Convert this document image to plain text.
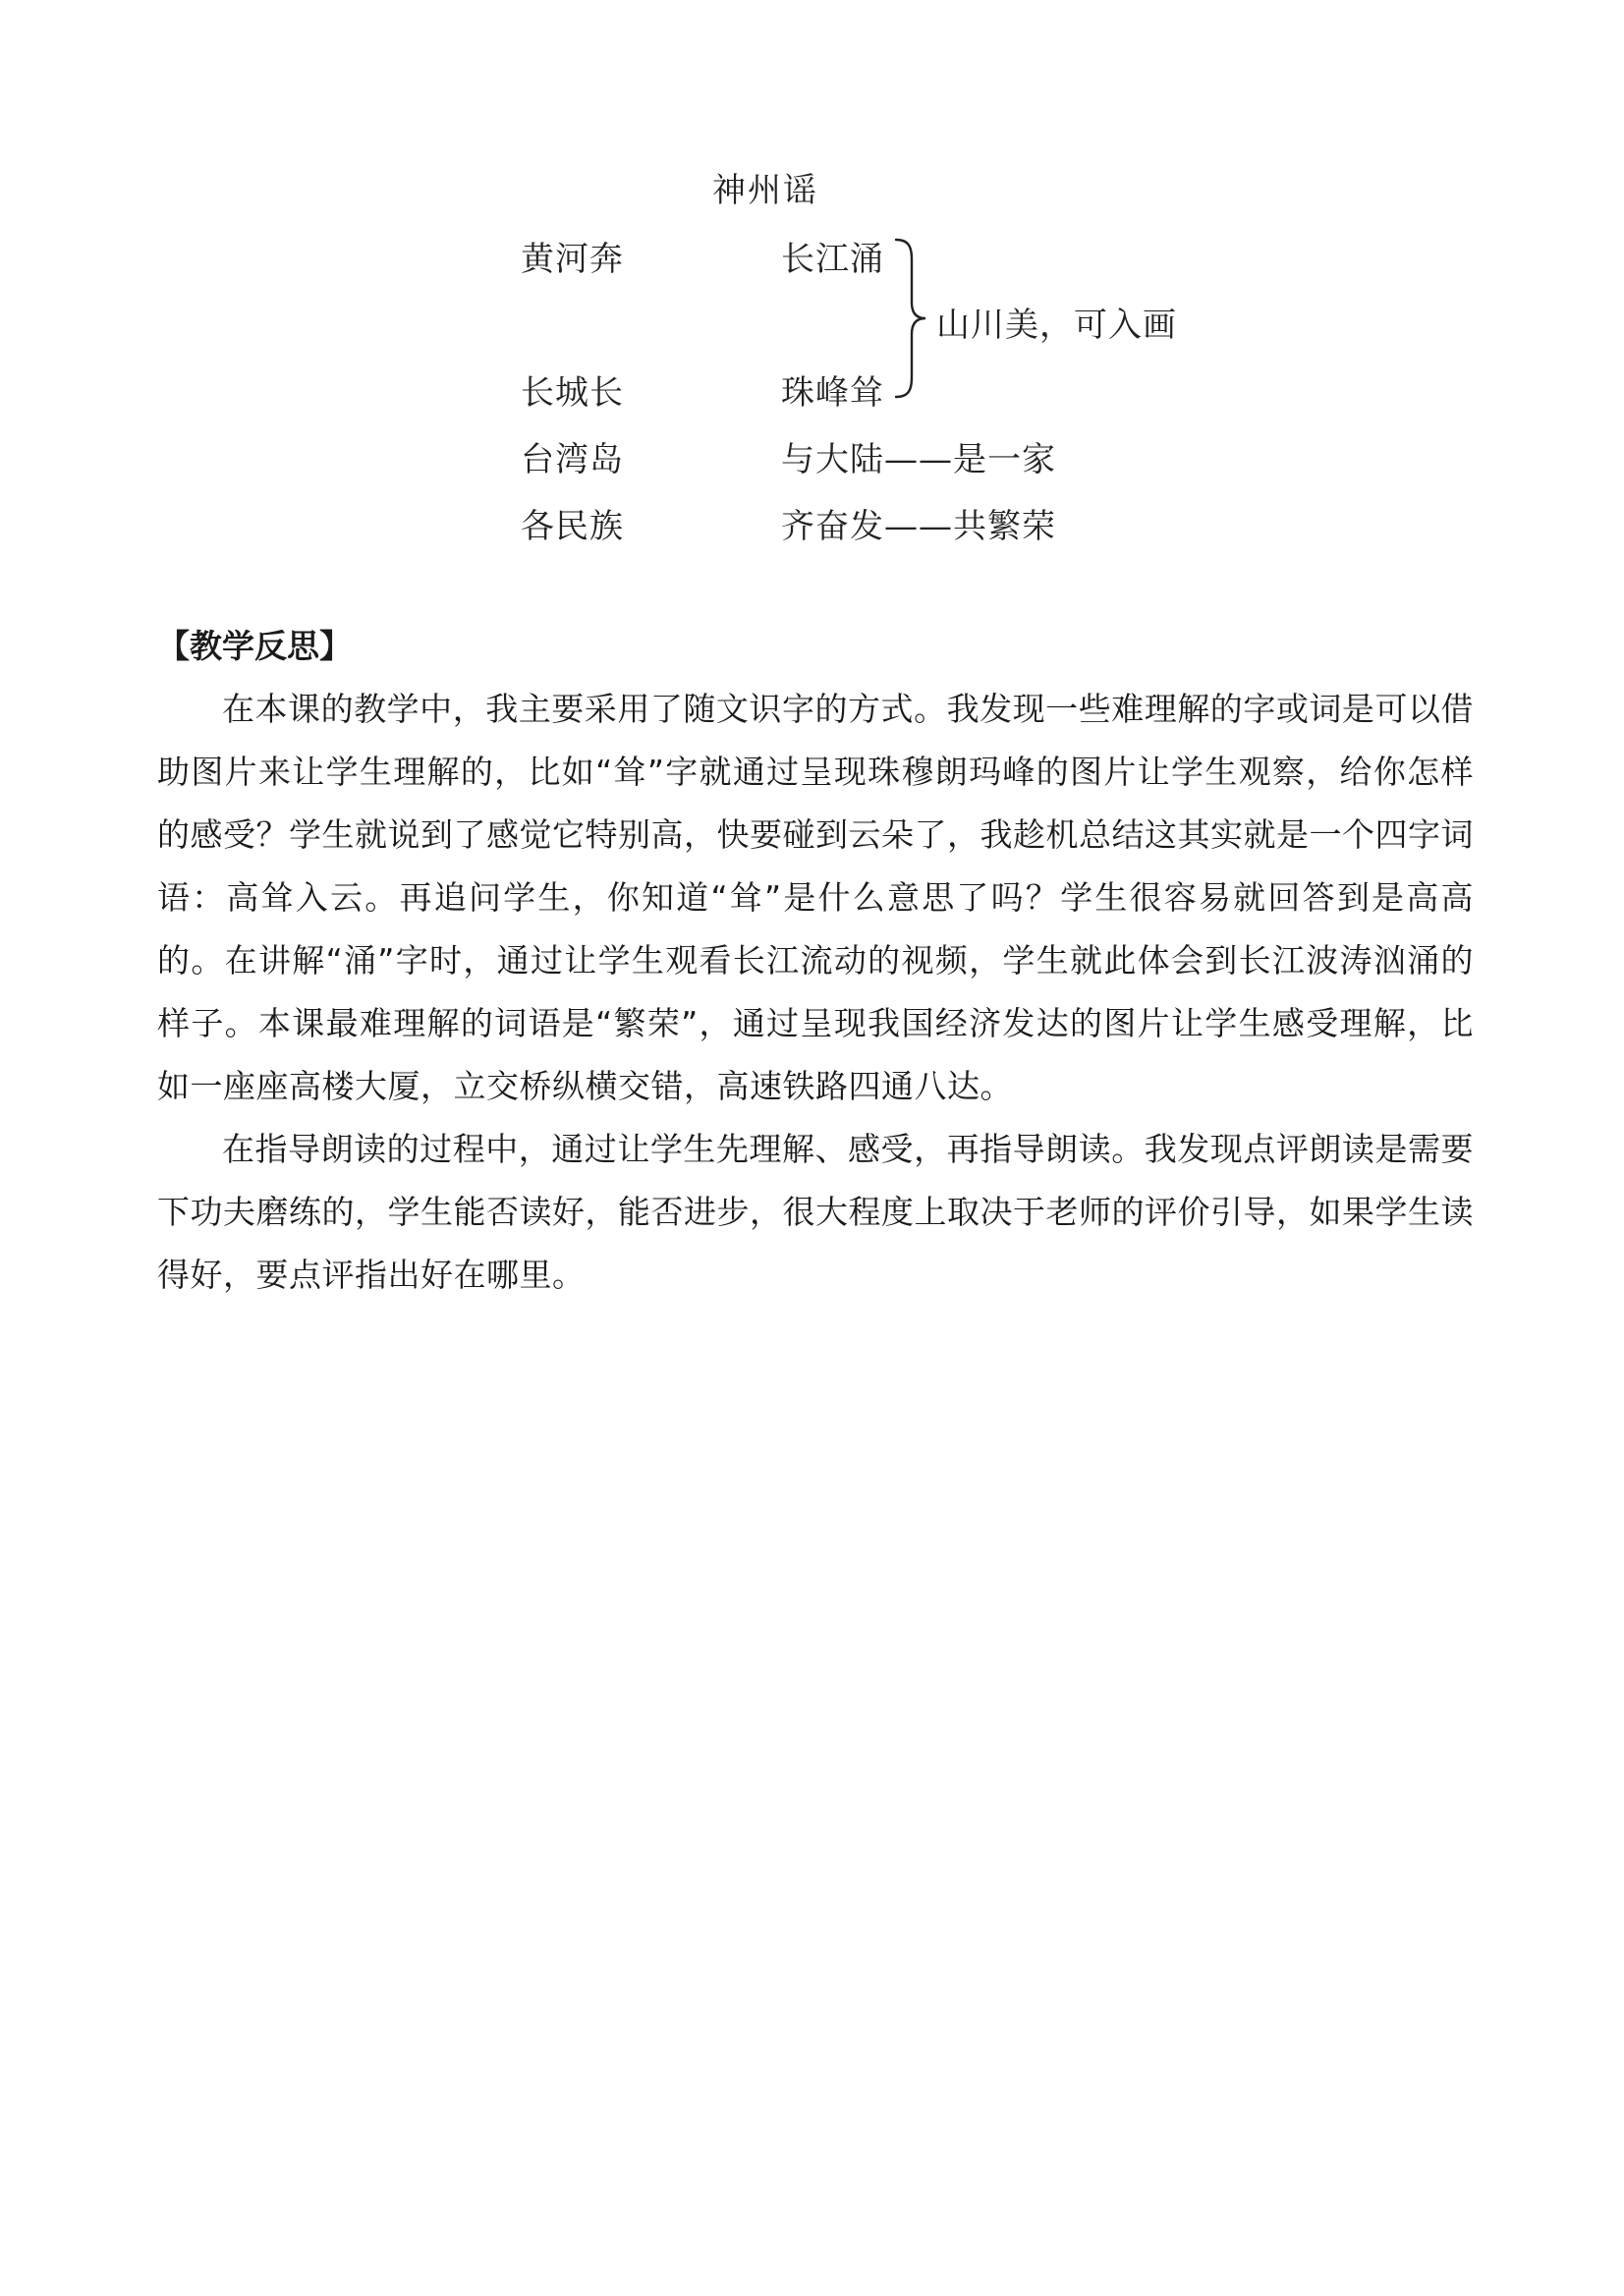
神州谣
黄河奔	长江涌
长城长	珠峰耸
山川美，可入画
台湾岛	与大陆——是一家
各民族	齐奋发——共繁荣
【教学反思】

在本课的教学中，我主要采用了随文识字的方式。我发现一些难理解的字或词是可以借助图片来让学生理解的，比如“耸”字就通过呈现珠穆朗玛峰的图片让学生观察，给你怎样的感受？学生就说到了感觉它特别高，快要碰到云朵了，我趁机总结这其实就是一个四字词语：高耸入云。再追问学生，你知道“耸”是什么意思了吗？学生很容易就回答到是高高的。在讲解“涌”字时，通过让学生观看长江流动的视频，学生就此体会到长江波涛汹涌的样子。本课最难理解的词语是“繁荣”，通过呈现我国经济发达的图片让学生感受理解，比如一座座高楼大厦，立交桥纵横交错，高速铁路四通八达。

在指导朗读的过程中，通过让学生先理解、感受，再指导朗读。我发现点评朗读是需要下功夫磨练的，学生能否读好，能否进步，很大程度上取决于老师的评价引导，如果学生读得好，要点评指出好在哪里。
